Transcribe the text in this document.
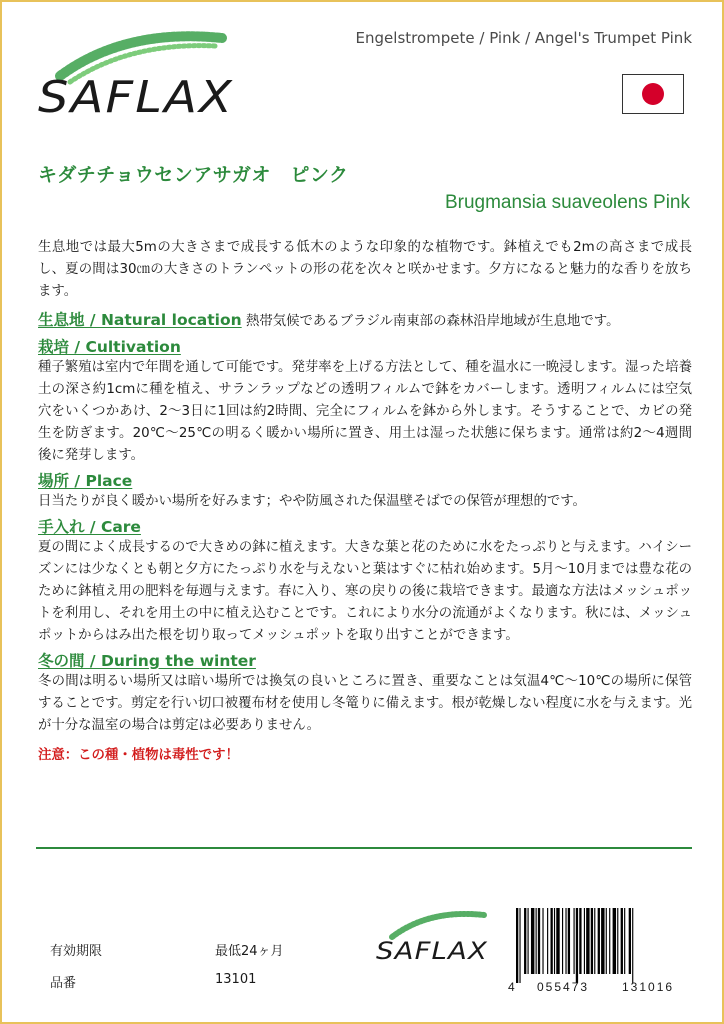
SAFLAX
Engelstrompete / Pink / Angel's Trumpet Pink
キダチチョウセンアサガオ　ピンク
Brugmansia suaveolens Pink

生息地では最大5mの大きさまで成長する低木のような印象的な植物です。鉢植えでも2mの高さまで成長し、夏の間は30㎝の大きさのトランペットの形の花を次々と咲かせます。夕方になると魅力的な香りを放ちます。

生息地 / Natural location 熱帯気候であるブラジル南東部の森林沿岸地域が生息地です。

栽培 / Cultivation

種子繁殖は室内で年間を通して可能です。発芽率を上げる方法として、種を温水に一晩浸します。湿った培養土の深さ約1cmに種を植え、サランラップなどの透明フィルムで鉢をカバーします。透明フィルムには空気穴をいくつかあけ、2～3日に1回は約2時間、完全にフィルムを鉢から外します。そうすることで、カビの発生を防ぎます。20℃～25℃の明るく暖かい場所に置き、用土は湿った状態に保ちます。通常は約2～4週間後に発芽します。

場所 / Place

日当たりが良く暖かい場所を好みます；やや防風された保温壁そばでの保管が理想的です。

手入れ / Care

夏の間によく成長するので大きめの鉢に植えます。大きな葉と花のために水をたっぷりと与えます。ハイシーズンには少なくとも朝と夕方にたっぷり水を与えないと葉はすぐに枯れ始めます。5月～10月までは豊な花のために鉢植え用の肥料を毎週与えます。春に入り、寒の戻りの後に栽培できます。最適な方法はメッシュポットを利用し、それを用土の中に植え込むことです。これにより水分の流通がよくなります。秋には、メッシュポットからはみ出た根を切り取ってメッシュポットを取り出すことができます。

冬の間 / During the winter

冬の間は明るい場所又は暗い場所では換気の良いところに置き、重要なことは気温4℃～10℃の場所に保管することです。剪定を行い切口被覆布材を使用し冬篭りに備えます。根が乾燥しない程度に水を与えます。光が十分な温室の場合は剪定は必要ありません。

注意：この種・植物は毒性です！
有効期限	最低24ヶ月
品番	13101
SAFLAX
4 055473	131016
